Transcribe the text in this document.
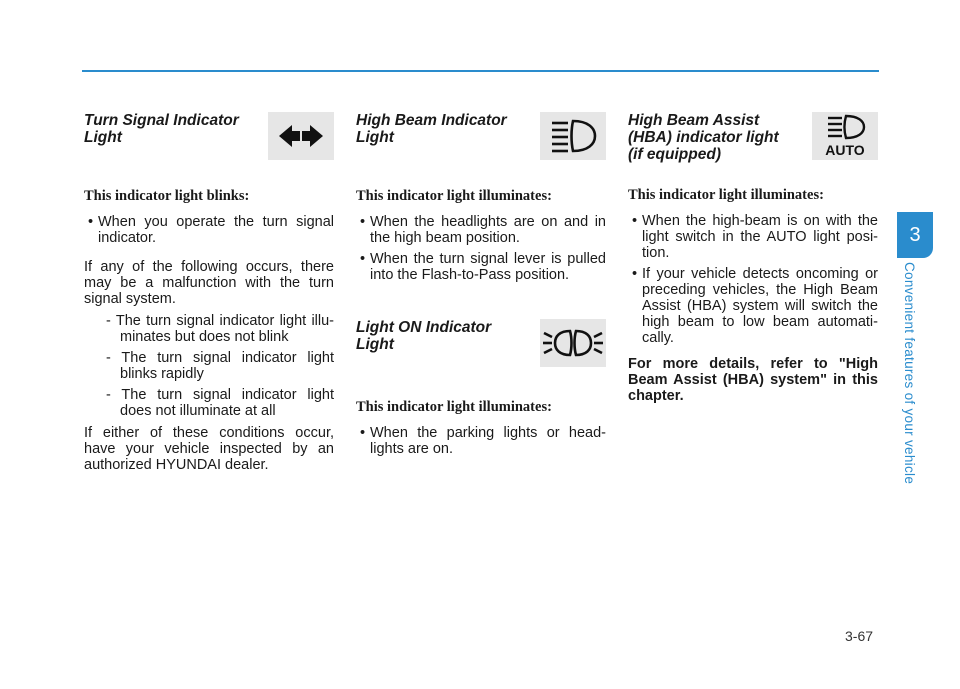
Turn Signal Indicator
Light
This indicator light blinks:
• When you operate the turn signal indicator.

If any of the following occurs, there may be a malfunction with the turn signal system.

- The turn signal indicator light illu-minates but does not blink
- The turn signal indicator light blinks rapidly
- The turn signal indicator light does not illuminate at all

If either of these conditions occur, have your vehicle inspected by an authorized HYUNDAI dealer.

High Beam Indicator
Light
This indicator light illuminates:
• When the headlights are on and in the high beam position.
• When the turn signal lever is pulled into the Flash-to-Pass position.
Light ON Indicator
Light
This indicator light illuminates:
• When the parking lights or head-lights are on.
High Beam Assist
(HBA) indicator light
(if equipped)	AUTO
This indicator light illuminates:
• When the high-beam is on with the light switch in the AUTO light posi-tion.
• If your vehicle detects oncoming or preceding vehicles, the High Beam Assist (HBA) system will switch the high beam to low beam automati-cally.
For more details, refer to "High Beam Assist (HBA) system" in this chapter.
3
Convenient features of your vehicle
3-67
